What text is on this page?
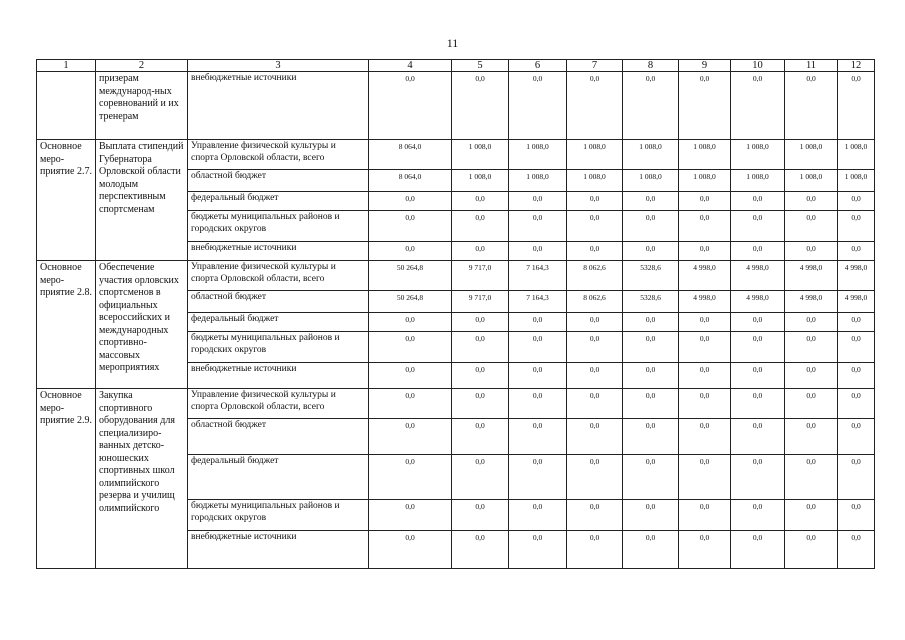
11
1	2	3	4	5	6	7	8	9	10	11	12
	призерам международ-ных соревнований и их тренерам	внебюджетные источники	0,0	0,0	0,0	0,0	0,0	0,0	0,0	0,0	0,0
Основное меро-приятие 2.7.	Выплата стипендий Губернатора Орловской области молодым перспективным спортсменам	Управление физической культуры и спорта Орловской области, всего	8 064,0	1 008,0	1 008,0	1 008,0	1 008,0	1 008,0	1 008,0	1 008,0	1 008,0
		областной бюджет	8 064,0	1 008,0	1 008,0	1 008,0	1 008,0	1 008,0	1 008,0	1 008,0	1 008,0
		федеральный бюджет	0,0	0,0	0,0	0,0	0,0	0,0	0,0	0,0	0,0
		бюджеты муниципальных районов и городских округов	0,0	0,0	0,0	0,0	0,0	0,0	0,0	0,0	0,0
		внебюджетные источники	0,0	0,0	0,0	0,0	0,0	0,0	0,0	0,0	0,0
Основное меро-приятие 2.8.	Обеспечение участия орловских спортсменов в официальных всероссийских и международных спортивно-массовых мероприятиях	Управление физической культуры и спорта Орловской области, всего	50 264,8	9 717,0	7 164,3	8 062,6	5328,6	4 998,0	4 998,0	4 998,0	4 998,0
		областной бюджет	50 264,8	9 717,0	7 164,3	8 062,6	5328,6	4 998,0	4 998,0	4 998,0	4 998,0
		федеральный бюджет	0,0	0,0	0,0	0,0	0,0	0,0	0,0	0,0	0,0
		бюджеты муниципальных районов и городских округов	0,0	0,0	0,0	0,0	0,0	0,0	0,0	0,0	0,0
		внебюджетные источники	0,0	0,0	0,0	0,0	0,0	0,0	0,0	0,0	0,0
Основное меро-приятие 2.9.	Закупка спортивного оборудования для специализиро-ванных детско-юношеских спортивных школ олимпийского резерва и училищ олимпийского	Управление физической культуры и спорта Орловской области, всего	0,0	0,0	0,0	0,0	0,0	0,0	0,0	0,0	0,0
		областной бюджет	0,0	0,0	0,0	0,0	0,0	0,0	0,0	0,0	0,0
		федеральный бюджет	0,0	0,0	0,0	0,0	0,0	0,0	0,0	0,0	0,0
		бюджеты муниципальных районов и городских округов	0,0	0,0	0,0	0,0	0,0	0,0	0,0	0,0	0,0
		внебюджетные источники	0,0	0,0	0,0	0,0	0,0	0,0	0,0	0,0	0,0
